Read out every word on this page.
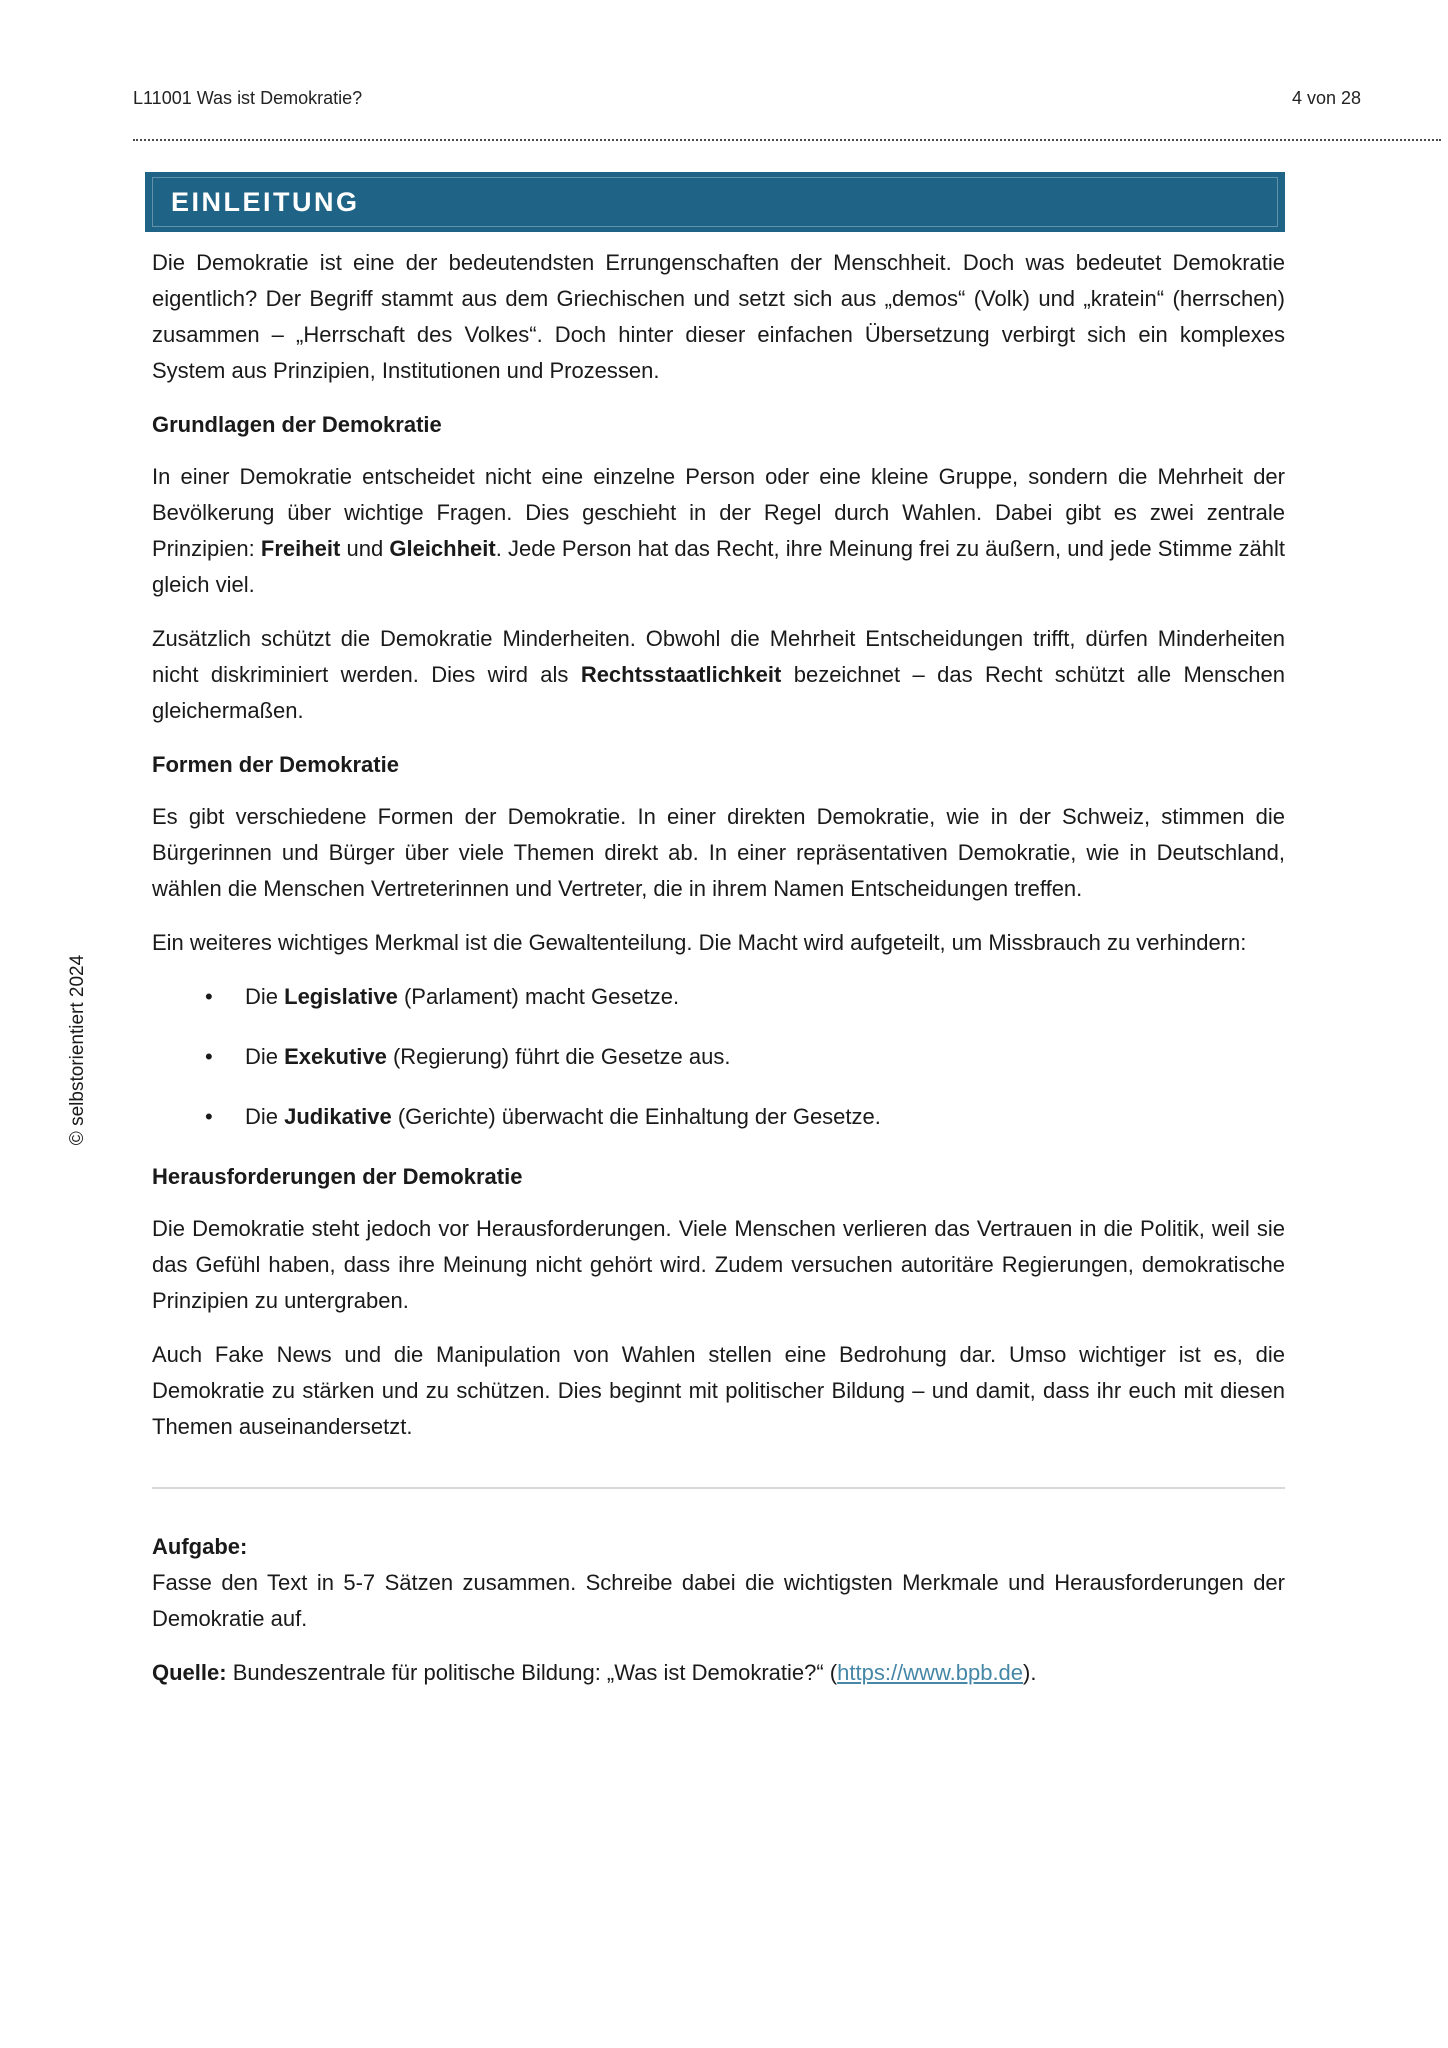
L11001 Was ist Demokratie?	4 von 28
EINLEITUNG
© selbstorientiert 2024

Die Demokratie ist eine der bedeutendsten Errungenschaften der Menschheit. Doch was bedeutet Demokratie eigentlich? Der Begriff stammt aus dem Griechischen und setzt sich aus „demos“ (Volk) und „kratein“ (herrschen) zusammen – „Herrschaft des Volkes“. Doch hinter dieser einfachen Übersetzung verbirgt sich ein komplexes System aus Prinzipien, Institutionen und Prozessen.

Grundlagen der Demokratie

In einer Demokratie entscheidet nicht eine einzelne Person oder eine kleine Gruppe, sondern die Mehrheit der Bevölkerung über wichtige Fragen. Dies geschieht in der Regel durch Wahlen. Dabei gibt es zwei zentrale Prinzipien: Freiheit und Gleichheit. Jede Person hat das Recht, ihre Meinung frei zu äußern, und jede Stimme zählt gleich viel.

Zusätzlich schützt die Demokratie Minderheiten. Obwohl die Mehrheit Entscheidungen trifft, dürfen Minderheiten nicht diskriminiert werden. Dies wird als Rechtsstaatlichkeit bezeichnet – das Recht schützt alle Menschen gleichermaßen.

Formen der Demokratie

Es gibt verschiedene Formen der Demokratie. In einer direkten Demokratie, wie in der Schweiz, stimmen die Bürgerinnen und Bürger über viele Themen direkt ab. In einer repräsentativen Demokratie, wie in Deutschland, wählen die Menschen Vertreterinnen und Vertreter, die in ihrem Namen Entscheidungen treffen.

Ein weiteres wichtiges Merkmal ist die Gewaltenteilung. Die Macht wird aufgeteilt, um Missbrauch zu verhindern:

•	Die Legislative (Parlament) macht Gesetze.
•	Die Exekutive (Regierung) führt die Gesetze aus.
•	Die Judikative (Gerichte) überwacht die Einhaltung der Gesetze.
Herausforderungen der Demokratie

Die Demokratie steht jedoch vor Herausforderungen. Viele Menschen verlieren das Vertrauen in die Politik, weil sie das Gefühl haben, dass ihre Meinung nicht gehört wird. Zudem versuchen autoritäre Regierungen, demokratische Prinzipien zu untergraben.

Auch Fake News und die Manipulation von Wahlen stellen eine Bedrohung dar. Umso wichtiger ist es, die Demokratie zu stärken und zu schützen. Dies beginnt mit politischer Bildung – und damit, dass ihr euch mit diesen Themen auseinandersetzt.

Aufgabe:

Fasse den Text in 5-7 Sätzen zusammen. Schreibe dabei die wichtigsten Merkmale und Herausforderungen der Demokratie auf.

Quelle: Bundeszentrale für politische Bildung: „Was ist Demokratie?“ (https://www.bpb.de).
